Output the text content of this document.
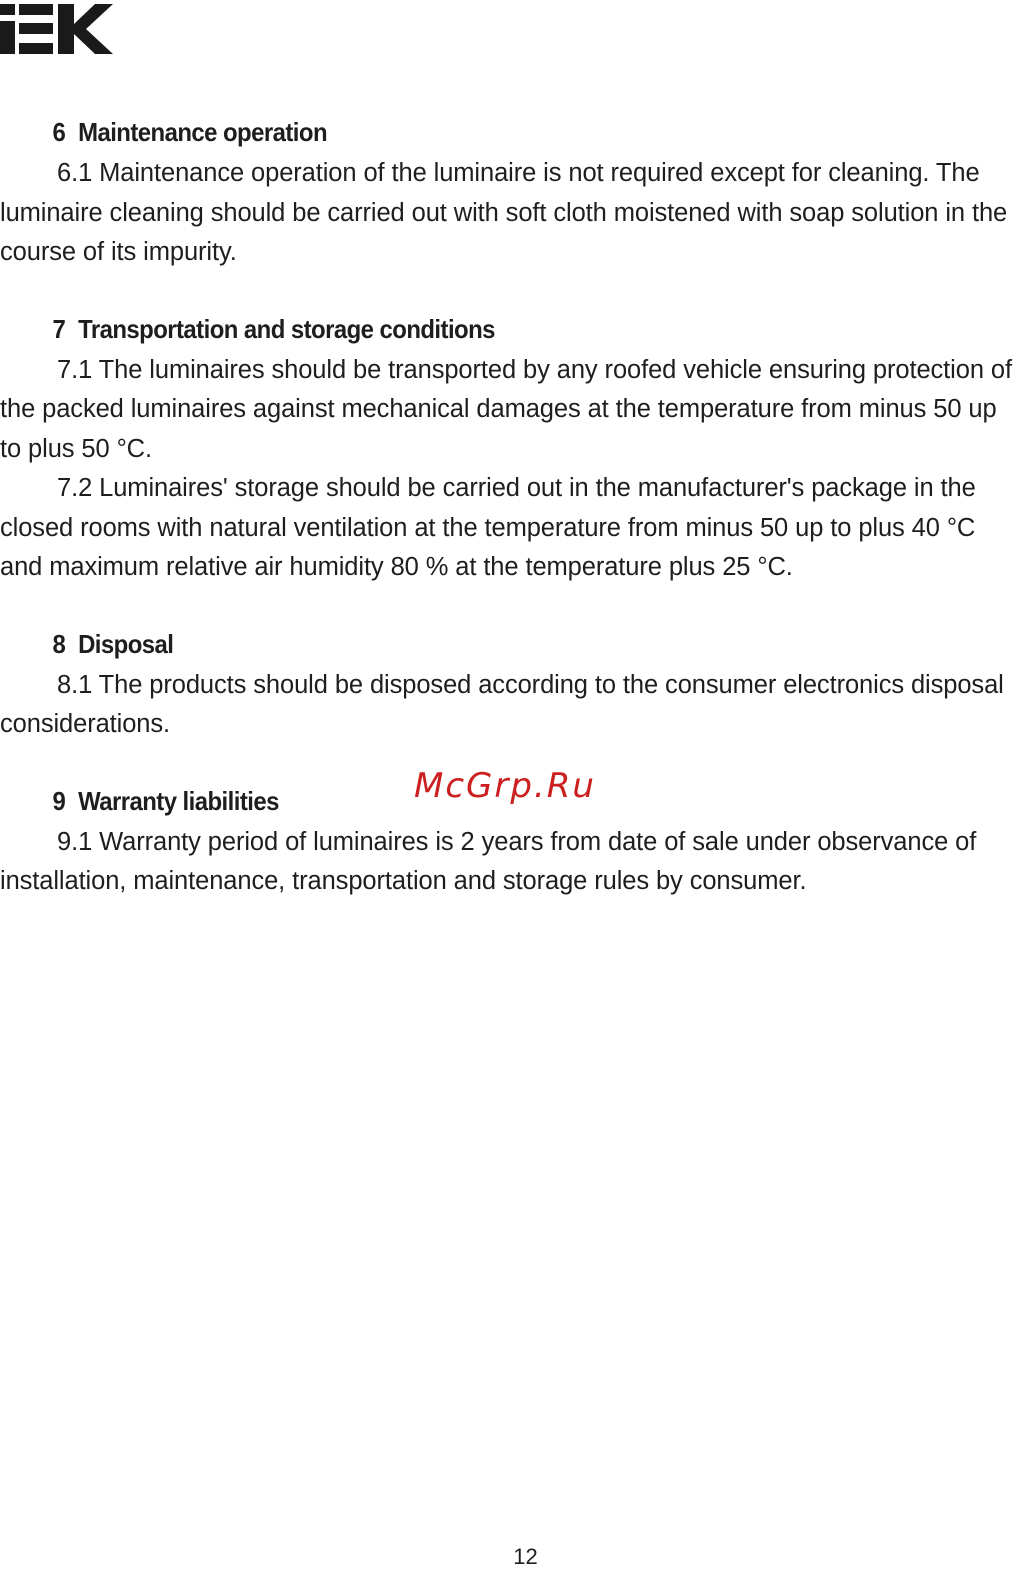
6 Maintenance operation

6.1 Maintenance operation of the luminaire is not required except for cleaning. The luminaire cleaning should be carried out with soft cloth moistened with soap solution in the course of its impurity.

7 Transportation and storage conditions

7.1 The luminaires should be transported by any roofed vehicle ensuring protection of the packed luminaires against mechanical damages at the temperature from minus 50 up to plus 50 °C.

7.2 Luminaires' storage should be carried out in the manufacturer's package in the closed rooms with natural ventilation at the temperature from minus 50 up to plus 40 °C and maximum relative air humidity 80 % at the temperature plus 25 °C.

8 Disposal

8.1 The products should be disposed according to the consumer electronics disposal considerations.

9 Warranty liabilities

9.1 Warranty period of luminaires is 2 years from date of sale under observance of installation, maintenance, transportation and storage rules by consumer.

McGrp.Ru
12
